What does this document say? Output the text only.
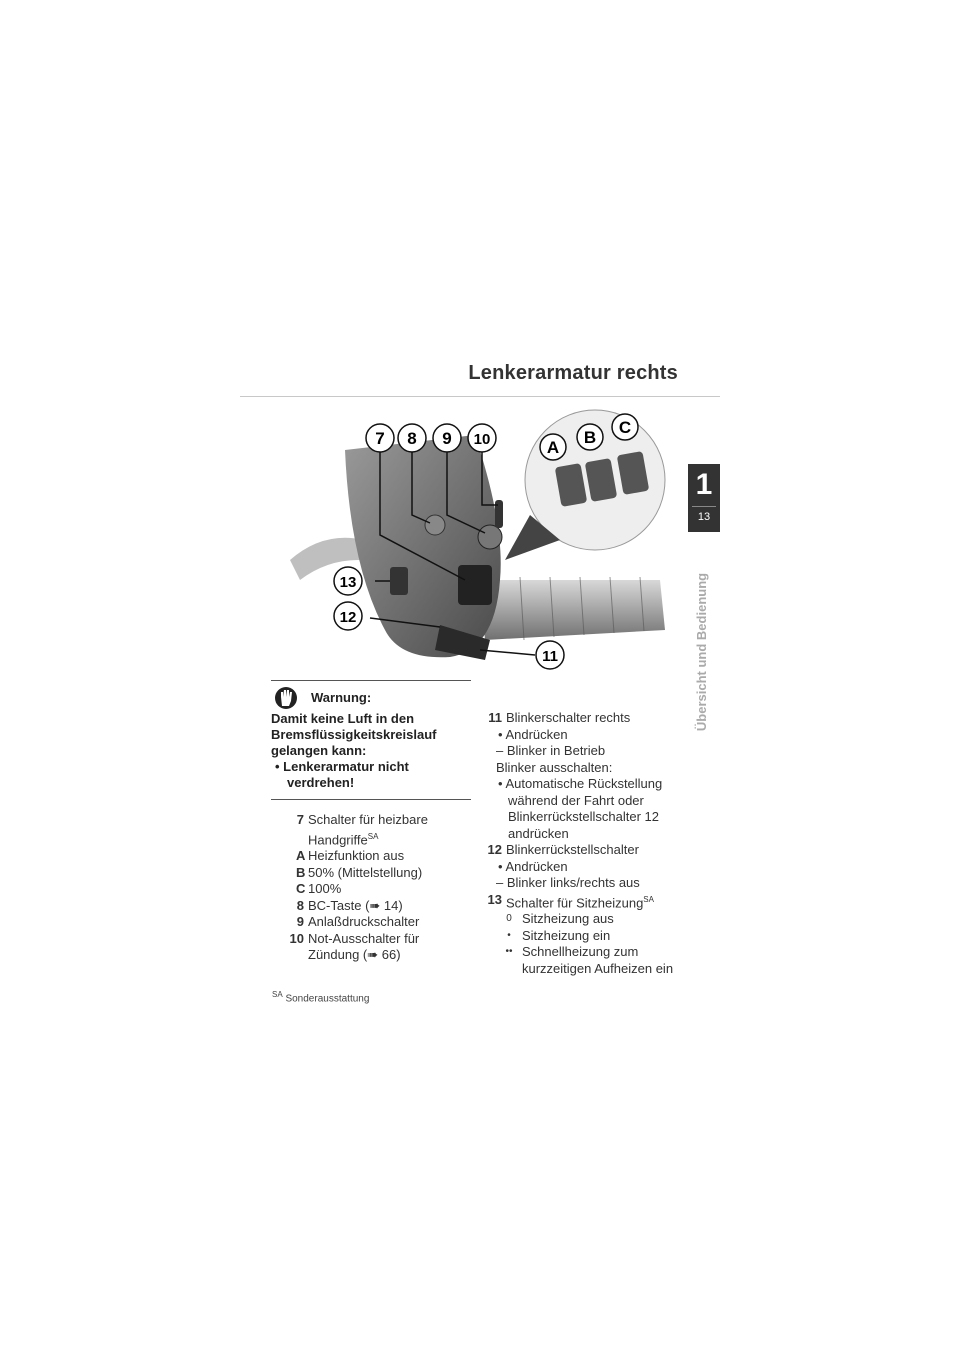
Lenkerarmatur rechts
1
13
Übersicht und Bedienung
7 8 9 10	A
B
C
13
12
11
Warnung:
Damit keine Luft in den Bremsflüssigkeitskreislauf gelangen kann:
• Lenkerarmatur nicht verdrehen!
7 Schalter für heizbare Handgriffe$^{SA}$
A Heizfunktion aus
B 50% (Mittelstellung)
C 100%
8 BC-Taste (➠ 14)
9 Anlaßdruckschalter
10 Not-Ausschalter für Zündung (➠ 66)
11 Blinkerschalter rechts
• Andrücken
– Blinker in Betrieb
Blinker ausschalten:
• Automatische Rückstellung während der Fahrt oder Blinkerrückstellschalter 12 andrücken
12 Blinkerrückstellschalter
• Andrücken
– Blinker links/rechts aus
13 Schalter für Sitzheizung$^{SA}$
0 Sitzheizung aus
• Sitzheizung ein
•• Schnellheizung zum kurzzeitigen Aufheizen ein
$^{SA}$ Sonderausstattung
